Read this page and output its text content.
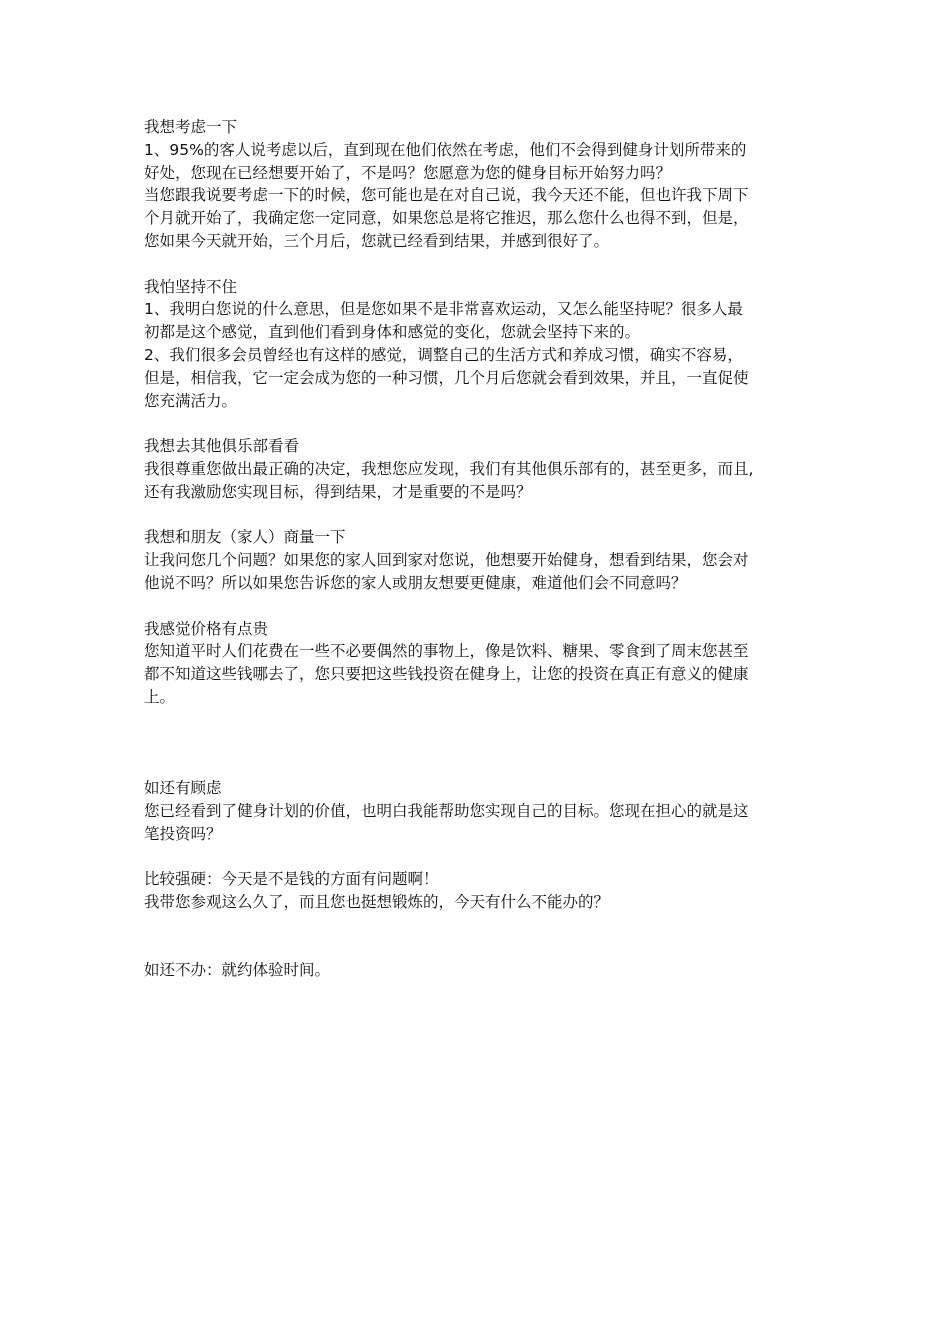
我想考虑一下
1、95%的客人说考虑以后，直到现在他们依然在考虑，他们不会得到健身计划所带来的
好处，您现在已经想要开始了，不是吗？您愿意为您的健身目标开始努力吗？
当您跟我说要考虑一下的时候，您可能也是在对自己说，我今天还不能，但也许我下周下
个月就开始了，我确定您一定同意，如果您总是将它推迟，那么您什么也得不到，但是，
您如果今天就开始，三个月后，您就已经看到结果，并感到很好了。
我怕坚持不住
1、我明白您说的什么意思，但是您如果不是非常喜欢运动，又怎么能坚持呢？很多人最
初都是这个感觉，直到他们看到身体和感觉的变化，您就会坚持下来的。
2、我们很多会员曾经也有这样的感觉，调整自己的生活方式和养成习惯，确实不容易，
但是，相信我，它一定会成为您的一种习惯，几个月后您就会看到效果，并且，一直促使
您充满活力。
我想去其他俱乐部看看
我很尊重您做出最正确的决定，我想您应发现，我们有其他俱乐部有的，甚至更多，而且,
还有我激励您实现目标，得到结果，才是重要的不是吗？
我想和朋友（家人）商量一下
让我问您几个问题？如果您的家人回到家对您说，他想要开始健身，想看到结果，您会对
他说不吗？所以如果您告诉您的家人或朋友想要更健康，难道他们会不同意吗？
我感觉价格有点贵
您知道平时人们花费在一些不必要偶然的事物上，像是饮料、糖果、零食到了周末您甚至
都不知道这些钱哪去了，您只要把这些钱投资在健身上，让您的投资在真正有意义的健康
上。
如还有顾虑
您已经看到了健身计划的价值，也明白我能帮助您实现自己的目标。您现在担心的就是这
笔投资吗？
比较强硬：今天是不是钱的方面有问题啊！
我带您参观这么久了，而且您也挺想锻炼的，今天有什么不能办的？
如还不办：就约体验时间。
